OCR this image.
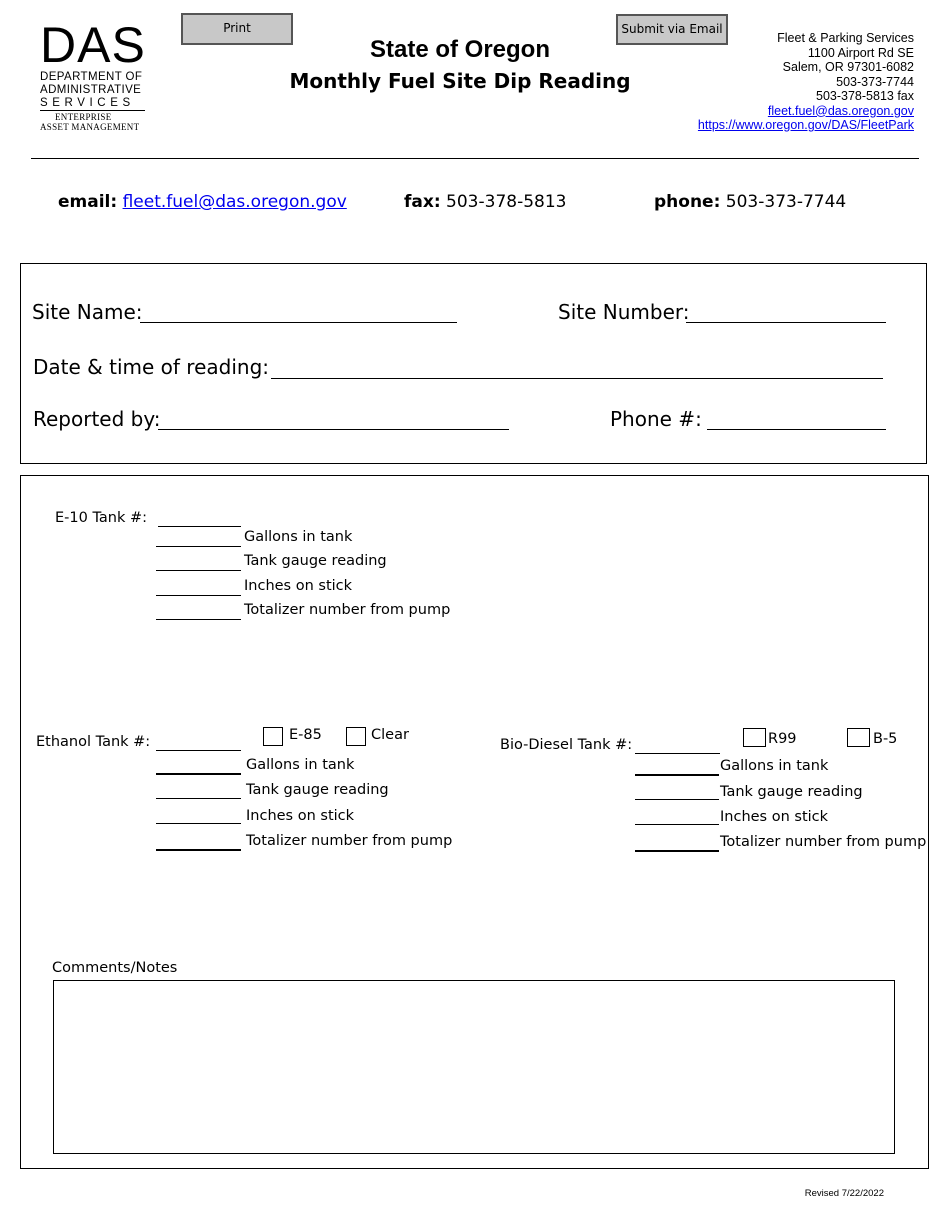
DAS
DEPARTMENT OF
ADMINISTRATIVE
SERVICES
ENTERPRISE
ASSET MANAGEMENT
Print	Submit via Email
State of Oregon
Monthly Fuel Site Dip Reading
Fleet & Parking Services
1100 Airport Rd SE
Salem, OR 97301-6082
503-373-7744
503-378-5813 fax
fleet.fuel@das.oregon.gov
https://www.oregon.gov/DAS/FleetPark
email: fleet.fuel@das.oregon.gov	fax: 503-378-5813	phone: 503-373-7744
Site Name:	Site Number:
Date & time of reading:
Reported by:	Phone #:
E-10 Tank #:
Gallons in tank
Tank gauge reading
Inches on stick
Totalizer number from pump
Ethanol Tank #:	E-85	Clear
Gallons in tank
Tank gauge reading
Inches on stick
Totalizer number from pump
Bio-Diesel Tank #:	R99	B-5
Gallons in tank
Tank gauge reading
Inches on stick
Totalizer number from pump
Comments/Notes
Revised 7/22/2022
